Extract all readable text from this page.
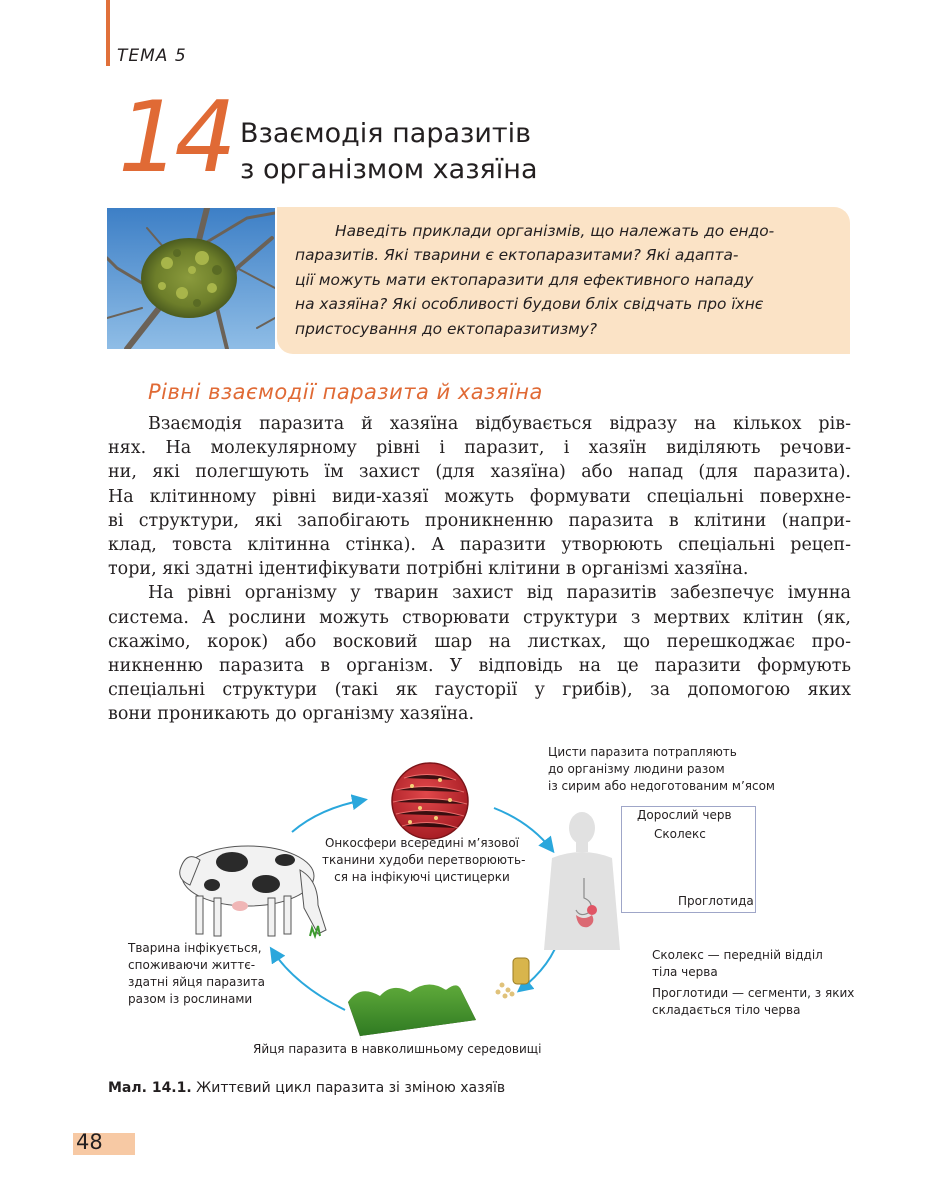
ТЕМА 5
14 Взаємодія паразитів
з організмом хазяїна
Наведіть приклади організмів, що належать до ендо-
паразитів. Які тварини є ектопаразитами? Які адапта-
ції можуть мати ектопаразити для ефективного нападу
на хазяїна? Які особливості будови бліх свідчать про їхнє
пристосування до ектопаразитизму?
Рівні взаємодії паразита й хазяїна
Взаємодія паразита й хазяїна відбувається відразу на кількох рів-
нях. На молекулярному рівні і паразит, і хазяїн виділяють речови-
ни, які полегшують їм захист (для хазяїна) або напад (для паразита).
На клітинному рівні види-хазяї можуть формувати спеціальні поверхне-
ві структури, які запобігають проникненню паразита в клітини (напри-
клад, товста клітинна стінка). А паразити утворюють спеціальні рецеп-
тори, які здатні ідентифікувати потрібні клітини в організмі хазяїна.
На рівні організму у тварин захист від паразитів забезпечує імунна
система. А рослини можуть створювати структури з мертвих клітин (як,
скажімо, корок) або восковий шар на листках, що перешкоджає про-
никненню паразита в організм. У відповідь на це паразити формують
спеціальні структури (такі як гаусторії у грибів), за допомогою яких
вони проникають до організму хазяїна.
Онкосфери всередині м’язової
тканини худоби перетворюють-
ся на інфікуючі цистицерки
Цисти паразита потрапляють
до організму людини разом
із сирим або недоготованим м’ясом
Дорослий черв
Сколекс
Проглотида
Тварина інфікується,
споживаючи життє-
здатні яйця паразита
разом із рослинами
Сколекс — передній відділ
тіла черва
Проглотиди — сегменти, з яких
складається тіло черва
Яйця паразита в навколишньому середовищі
Мал. 14.1. Життєвий цикл паразита зі зміною хазяїв
48
